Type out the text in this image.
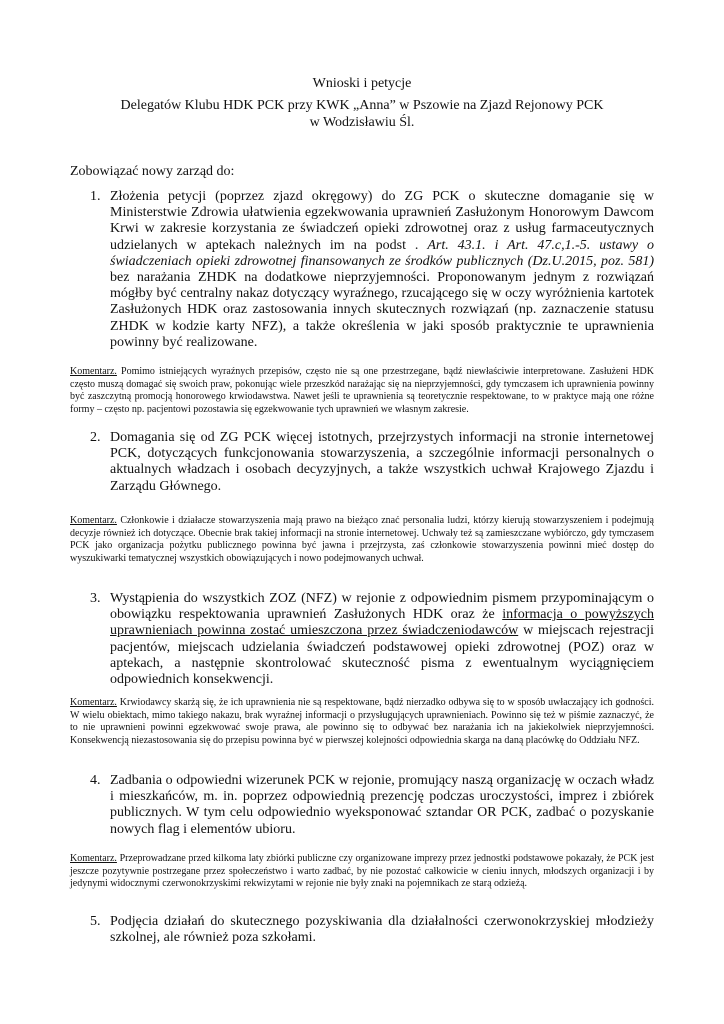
Wnioski i petycje
Delegatów Klubu HDK PCK przy KWK „Anna” w Pszowie na Zjazd Rejonowy PCK
w Wodzisławiu Śl.
Zobowiązać nowy zarząd do:
1. Złożenia petycji (poprzez zjazd okręgowy) do ZG PCK o skuteczne domaganie się w Ministerstwie Zdrowia ułatwienia egzekwowania uprawnień Zasłużonym Honorowym Dawcom Krwi w zakresie korzystania ze świadczeń opieki zdrowotnej oraz z usług farmaceutycznych udzielanych w aptekach należnych im na podst . Art. 43.1. i Art. 47.c,1.-5. ustawy o świadczeniach opieki zdrowotnej finansowanych ze środków publicznych (Dz.U.2015, poz. 581) bez narażania ZHDK na dodatkowe nieprzyjemności. Proponowanym jednym z rozwiązań mógłby być centralny nakaz dotyczący wyraźnego, rzucającego się w oczy wyróżnienia kartotek Zasłużonych HDK oraz zastosowania innych skutecznych rozwiązań (np. zaznaczenie statusu ZHDK w kodzie karty NFZ), a także określenia w jaki sposób praktycznie te uprawnienia powinny być realizowane.
Komentarz. Pomimo istniejących wyraźnych przepisów, często nie są one przestrzegane, bądź niewłaściwie interpretowane. Zasłużeni HDK często muszą domagać się swoich praw, pokonując wiele przeszkód narażając się na nieprzyjemności, gdy tymczasem ich uprawnienia powinny być zaszczytną promocją honorowego krwiodawstwa. Nawet jeśli te uprawnienia są teoretycznie respektowane, to w praktyce mają one różne formy – często np. pacjentowi pozostawia się egzekwowanie tych uprawnień we własnym zakresie.
2. Domagania się od ZG PCK więcej istotnych, przejrzystych informacji na stronie internetowej PCK, dotyczących funkcjonowania stowarzyszenia, a szczególnie informacji personalnych o aktualnych władzach i osobach decyzyjnych, a także wszystkich uchwał Krajowego Zjazdu i Zarządu Głównego.
Komentarz. Członkowie i działacze stowarzyszenia mają prawo na bieżąco znać personalia ludzi, którzy kierują stowarzyszeniem i podejmują decyzje również ich dotyczące. Obecnie brak takiej informacji na stronie internetowej. Uchwały też są zamieszczane wybiórczo, gdy tymczasem PCK jako organizacja pożytku publicznego powinna być jawna i przejrzysta, zaś członkowie stowarzyszenia powinni mieć dostęp do wyszukiwarki tematycznej wszystkich obowiązujących i nowo podejmowanych uchwał.
3. Wystąpienia do wszystkich ZOZ (NFZ) w rejonie z odpowiednim pismem przypominającym o obowiązku respektowania uprawnień Zasłużonych HDK oraz że informacja o powyższych uprawnieniach powinna zostać umieszczona przez świadczeniodawców w miejscach rejestracji pacjentów, miejscach udzielania świadczeń podstawowej opieki zdrowotnej (POZ) oraz w aptekach, a następnie skontrolować skuteczność pisma z ewentualnym wyciągnięciem odpowiednich konsekwencji.
Komentarz. Krwiodawcy skarżą się, że ich uprawnienia nie są respektowane, bądź nierzadko odbywa się to w sposób uwłaczający ich godności. W wielu obiektach, mimo takiego nakazu, brak wyraźnej informacji o przysługujących uprawnieniach. Powinno się też w piśmie zaznaczyć, że to nie uprawnieni powinni egzekwować swoje prawa, ale powinno się to odbywać bez narażania ich na jakiekolwiek nieprzyjemności. Konsekwencją niezastosowania się do przepisu powinna być w pierwszej kolejności odpowiednia skarga na daną placówkę do Oddziału NFZ.
4. Zadbania o odpowiedni wizerunek PCK w rejonie, promujący naszą organizację w oczach władz i mieszkańców, m. in. poprzez odpowiednią prezencję podczas uroczystości, imprez i zbiórek publicznych. W tym celu odpowiednio wyeksponować sztandar OR PCK, zadbać o pozyskanie nowych flag i elementów ubioru.
Komentarz. Przeprowadzane przed kilkoma laty zbiórki publiczne czy organizowane imprezy przez jednostki podstawowe pokazały, że PCK jest jeszcze pozytywnie postrzegane przez społeczeństwo i warto zadbać, by nie pozostać całkowicie w cieniu innych, młodszych organizacji i by jedynymi widocznymi czerwonokrzyskimi rekwizytami w rejonie nie były znaki na pojemnikach ze starą odzieżą.
5. Podjęcia działań do skutecznego pozyskiwania dla działalności czerwonokrzyskiej młodzieży szkolnej, ale również poza szkołami.
